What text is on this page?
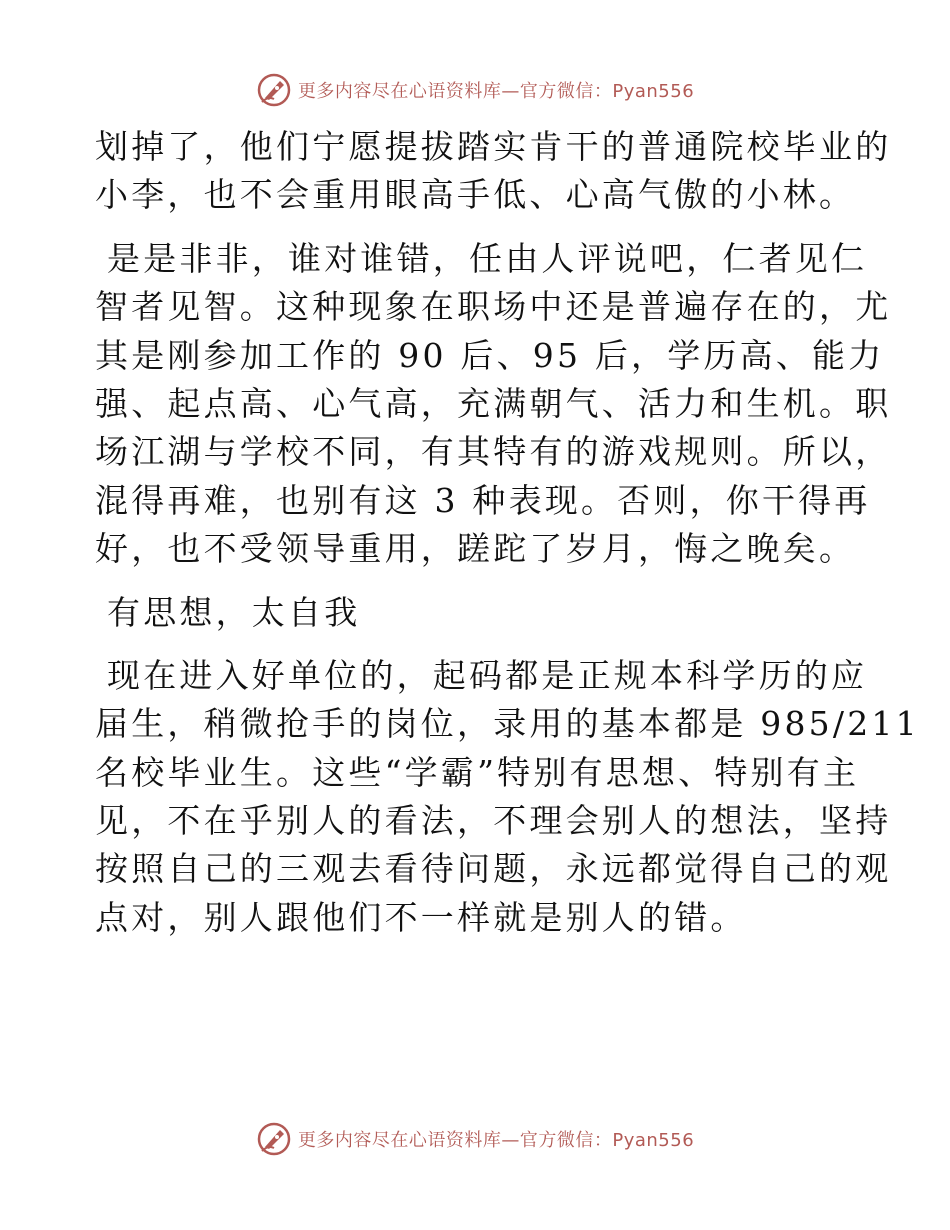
更多内容尽在心语资料库—官方微信：Pyan556
划掉了，他们宁愿提拔踏实肯干的普通院校毕业的
小李，也不会重用眼高手低、心高气傲的小林。
是是非非，谁对谁错，任由人评说吧，仁者见仁
智者见智。这种现象在职场中还是普遍存在的，尤
其是刚参加工作的 90 后、95 后，学历高、能力
强、起点高、心气高，充满朝气、活力和生机。职
场江湖与学校不同，有其特有的游戏规则。所以，
混得再难，也别有这 3 种表现。否则，你干得再
好，也不受领导重用，蹉跎了岁月，悔之晚矣。
有思想，太自我
现在进入好单位的，起码都是正规本科学历的应
届生，稍微抢手的岗位，录用的基本都是 985/211
名校毕业生。这些“学霸”特别有思想、特别有主
见，不在乎别人的看法，不理会别人的想法，坚持
按照自己的三观去看待问题，永远都觉得自己的观
点对，别人跟他们不一样就是别人的错。
更多内容尽在心语资料库—官方微信：Pyan556
